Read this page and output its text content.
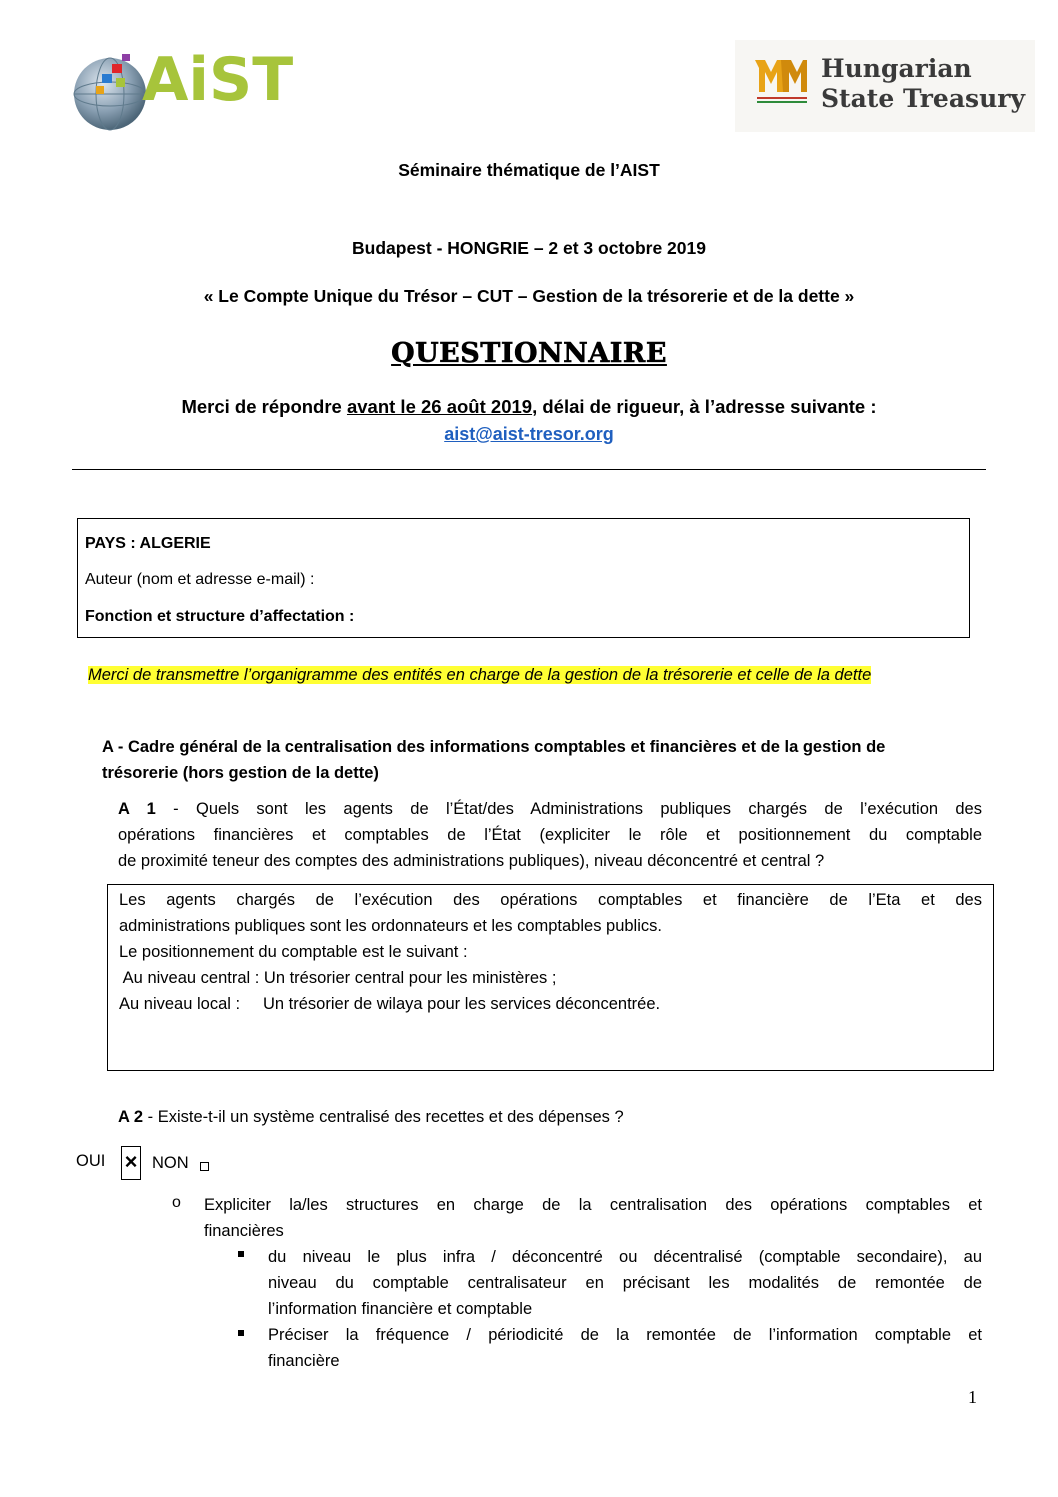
AiST	Hungarian
State Treasury
Séminaire thématique de l’AIST
Budapest - HONGRIE – 2 et 3 octobre 2019
« Le Compte Unique du Trésor – CUT – Gestion de la trésorerie et de la dette »
QUESTIONNAIRE
Merci de répondre avant le 26 août 2019, délai de rigueur, à l’adresse suivante :
aist@aist-tresor.org
PAYS : ALGERIE
Auteur (nom et adresse e-mail) :
Fonction et structure d’affectation :
Merci de transmettre l’organigramme des entités en charge de la gestion de la trésorerie et celle de la dette
A - Cadre général de la centralisation des informations comptables et financières et de la gestion de
trésorerie (hors gestion de la dette)
A 1 - Quels sont les agents de l’État/des Administrations publiques chargés de l’exécution des
opérations financières et comptables de l’État (expliciter le rôle et positionnement du comptable
de proximité teneur des comptes des administrations publiques), niveau déconcentré et central ?
Les agents chargés de l’exécution des opérations comptables et financière de l’Eta et des
administrations publiques sont les ordonnateurs et les comptables publics.
Le positionnement du comptable est le suivant :
Au niveau central : Un trésorier central pour les ministères ;
Au niveau local :     Un trésorier de wilaya pour les services déconcentrée.
A 2 - Existe-t-il un système centralisé des recettes et des dépenses ?
OUI × NON
o Expliciter la/les structures en charge de la centralisation des opérations comptables et
financières
du niveau le plus infra / déconcentré ou décentralisé (comptable secondaire), au
niveau du comptable centralisateur en précisant les modalités de remontée de
l’information financière et comptable
Préciser la fréquence / périodicité de la remontée de l’information comptable et
financière
1
